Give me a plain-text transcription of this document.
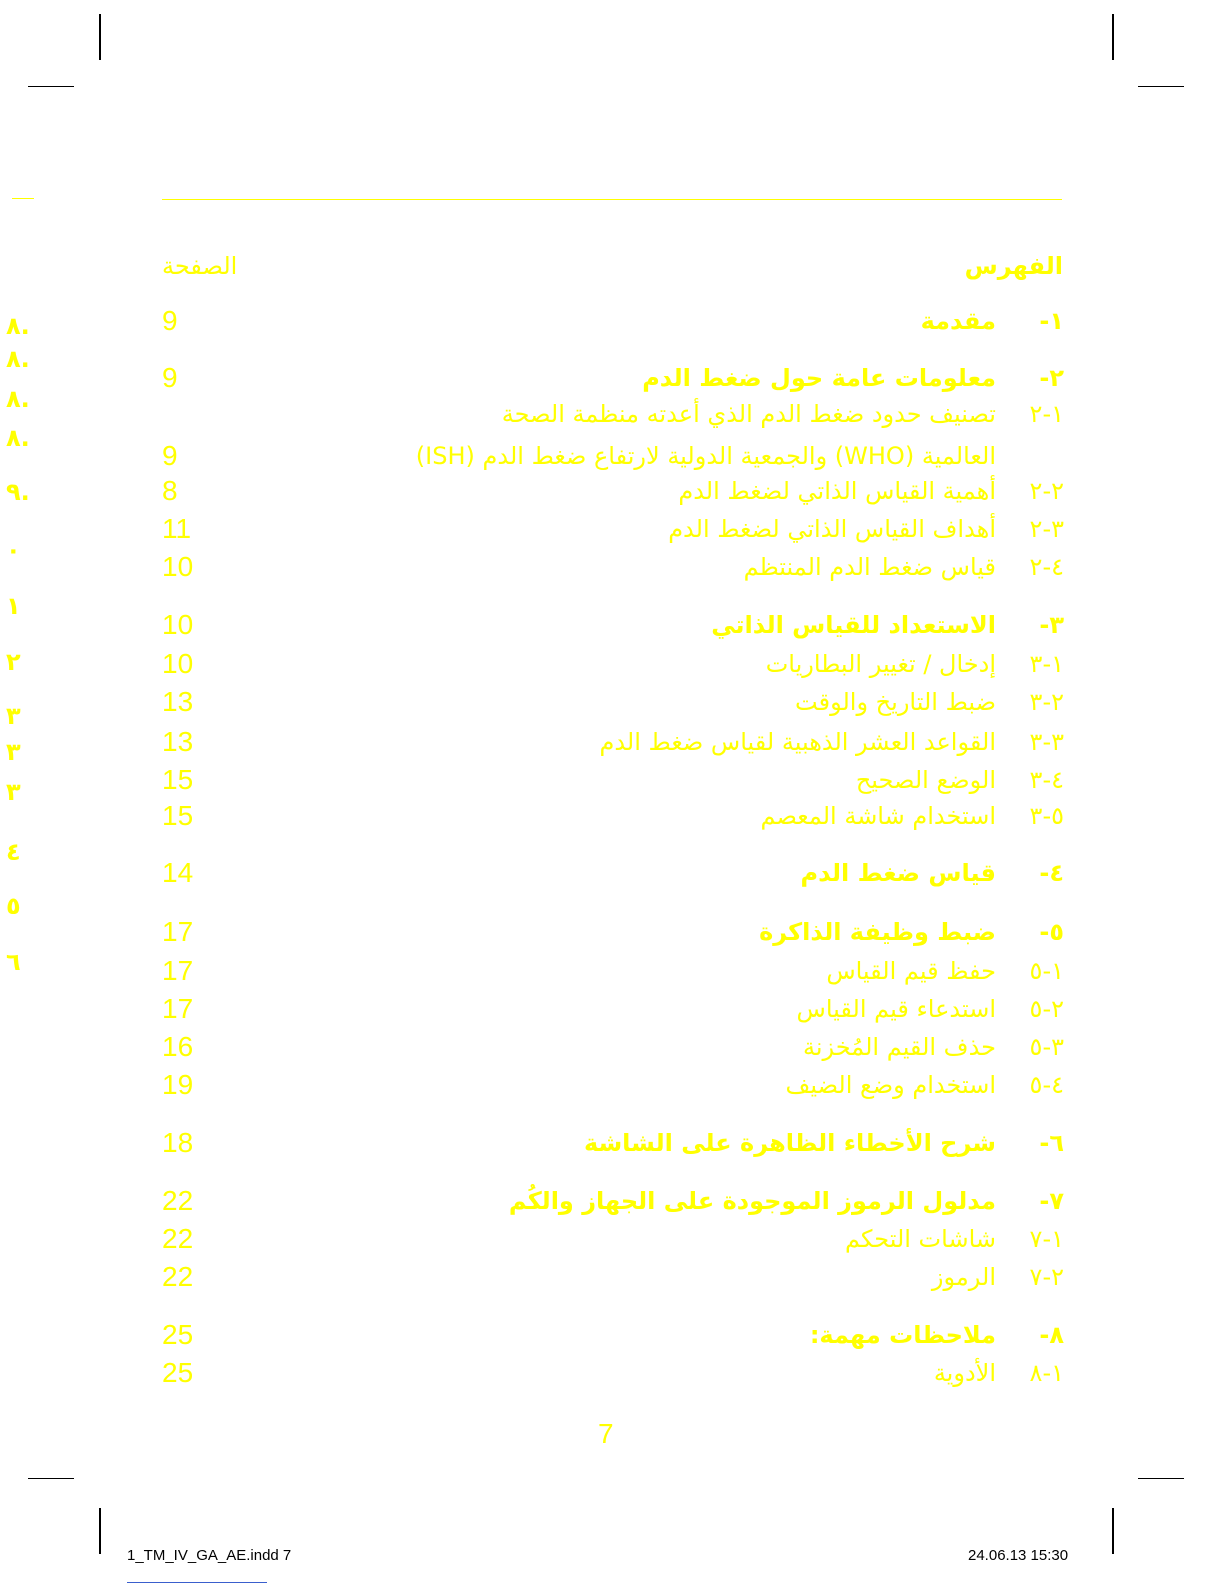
الفهرس
الصفحة
9	مقدمة ١-
9	معلومات عامة حول ضغط الدم ٢-
تصنيف حدود ضغط الدم الذي أعدته منظمة الصحة ١-٢
9	العالمية (WHO) والجمعية الدولية لارتفاع ضغط الدم (ISH)
8	أهمية القياس الذاتي لضغط الدم ٢-٢
11	أهداف القياس الذاتي لضغط الدم ٣-٢
10	قياس ضغط الدم المنتظم ٤-٢
10	الاستعداد للقياس الذاتي ٣-
10	إدخال / تغيير البطاريات ١-٣
13	ضبط التاريخ والوقت ٢-٣
13	القواعد العشر الذهبية لقياس ضغط الدم ٣-٣
15	الوضع الصحيح ٤-٣
15	استخدام شاشة المعصم ٥-٣
14	قياس ضغط الدم ٤-
17	ضبط وظيفة الذاكرة ٥-
17	حفظ قيم القياس ١-٥
17	استدعاء قيم القياس ٢-٥
16	حذف القيم المُخزنة ٣-٥
19	استخدام وضع الضيف ٤-٥
18	شرح الأخطاء الظاهرة على الشاشة ٦-
22	مدلول الرموز الموجودة على الجهاز والكُم ٧-
22	شاشات التحكم ١-٧
22	الرموز ٢-٧
25	ملاحظات مهمة: ٨-
25	الأدوية ١-٨
٨.
٨.
٨.
٨.
٩.
٠
١
٢
٣
٣
٣
٤
٥
٦
7
1_TM_IV_GA_AE.indd 7	24.06.13 15:30
